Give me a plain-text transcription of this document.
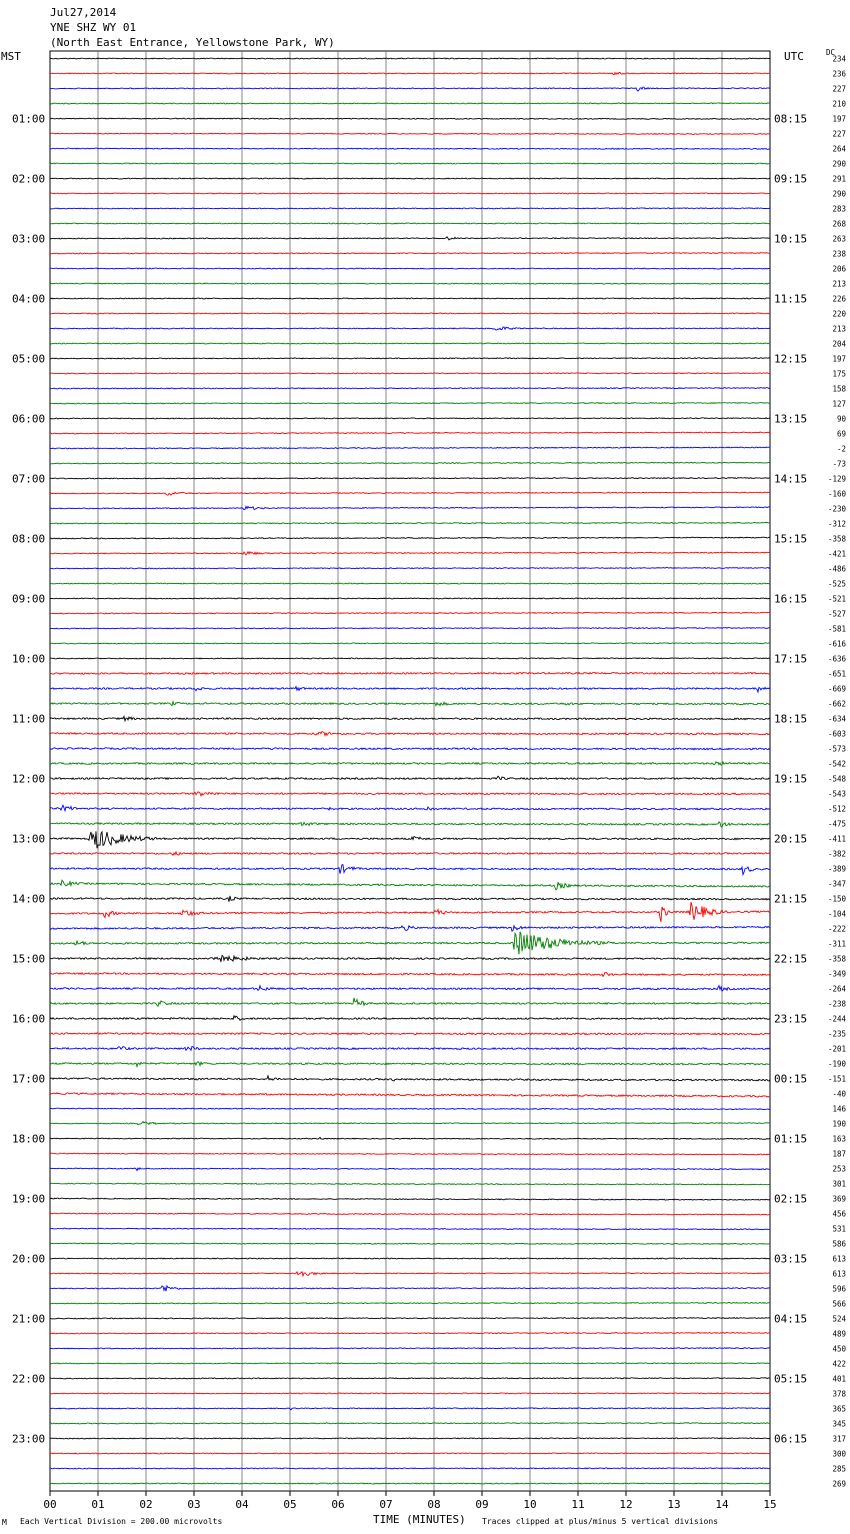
Jul27,2014
YNE SHZ WY 01
(North East Entrance, Yellowstone Park, WY)
MST	UTC	DC
01:00
02:00
03:00
04:00
05:00
06:00
07:00
08:00
09:00
10:00
11:00
12:00
13:00
14:00
15:00
16:00
17:00
18:00
19:00
20:00
21:00
22:00
23:00
08:15
09:15
10:15
11:15
12:15
13:15
14:15
15:15
16:15
17:15
18:15
19:15
20:15
21:15
22:15
23:15
00:15
01:15
02:15
03:15
04:15
05:15
06:15
234
236
227
210
197
227
264
290
291
290
283
268
263
238
206
213
226
220
213
204
197
175
158
127
90
69
-2
-73
-129
-160
-230
-312
-358
-421
-486
-525
-521
-527
-581
-616
-636
-651
-669
-662
-634
-603
-573
-542
-548
-543
-512
-475
-411
-382
-389
-347
-150
-104
-222
-311
-358
-349
-264
-238
-244
-235
-201
-190
-151
-40
146
190
163
187
253
301
369
456
531
586
613
613
596
566
524
489
450
422
401
378
365
345
317
300
285
269
00	01	02	03	04	05	06	07	08	09	10	11	12	13	14	15
M Each Vertical Division = 200.00 microvolts	TIME (MINUTES) Traces clipped at plus/minus 5 vertical divisions
